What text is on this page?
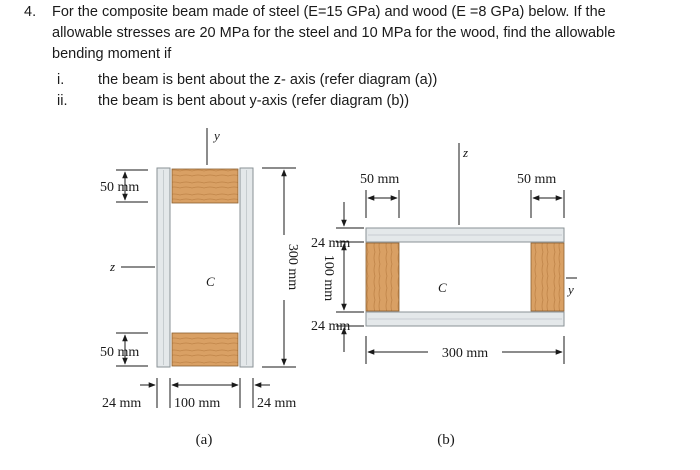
4. For the composite beam made of steel (E=15 GPa) and wood (E =8 GPa) below. If the allowable stresses are 20 MPa for the steel and 10 MPa for the wood, find the allowable bending moment if
i.	the beam is bent about the z- axis (refer diagram (a))
ii.	the beam is bent about y-axis (refer diagram (b))
y
z
C
50 mm
50 mm
300 mm
24 mm 100 mm	24 mm
(a)
z
y
C
50 mm	50 mm
24 mm
100 mm
24 mm
300 mm
(b)
